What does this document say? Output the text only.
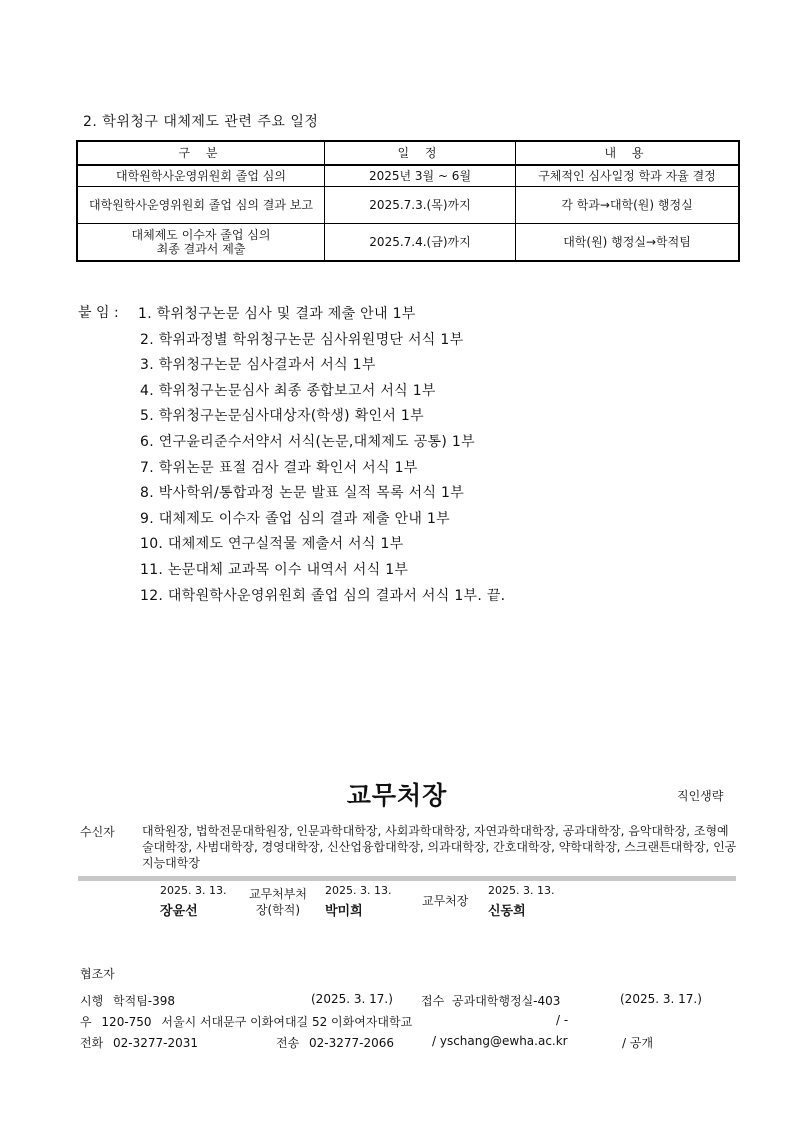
2. 학위청구 대체제도 관련 주요 일정
구 분	일 정	내 용
대학원학사운영위원회 졸업 심의	2025년 3월 ~ 6월	구체적인 심사일정 학과 자율 결정
대학원학사운영위원회 졸업 심의 결과 보고	2025.7.3.(목)까지	각 학과→대학(원) 행정실
대체제도 이수자 졸업 심의
최종 결과서 제출	2025.7.4.(금)까지	대학(원) 행정실→학적팀
붙 임 : 1. 학위청구논문 심사 및 결과 제출 안내 1부
2. 학위과정별 학위청구논문 심사위원명단 서식 1부
3. 학위청구논문 심사결과서 서식 1부
4. 학위청구논문심사 최종 종합보고서 서식 1부
5. 학위청구논문심사대상자(학생) 확인서 1부
6. 연구윤리준수서약서 서식(논문,대체제도 공통) 1부
7. 학위논문 표절 검사 결과 확인서 서식 1부
8. 박사학위/통합과정 논문 발표 실적 목록 서식 1부
9. 대체제도 이수자 졸업 심의 결과 제출 안내 1부
10. 대체제도 연구실적물 제출서 서식 1부
11. 논문대체 교과목 이수 내역서 서식 1부
12. 대학원학사운영위원회 졸업 심의 결과서 서식 1부. 끝.
교무처장	직인생략
수신자 대학원장, 법학전문대학원장, 인문과학대학장, 사회과학대학장, 자연과학대학장, 공과대학장, 음악대학장, 조형예술대학장, 사범대학장, 경영대학장, 신산업융합대학장, 의과대학장, 간호대학장, 약학대학장, 스크랜튼대학장, 인공지능대학장
2025. 3. 13.
장윤선
교무처부처
장(학적)
2025. 3. 13.
박미희
교무처장
2025. 3. 13.
신동희
협조자
시행 학적팀-398	(2025. 3. 17.) 접수 공과대학행정실-403	(2025. 3. 17.)
우 120-750 서울시 서대문구 이화여대길 52 이화여자대학교	/ -
전화 02-3277-2031	전송 02-3277-2066	/ yschang@ewha.ac.kr	/ 공개
